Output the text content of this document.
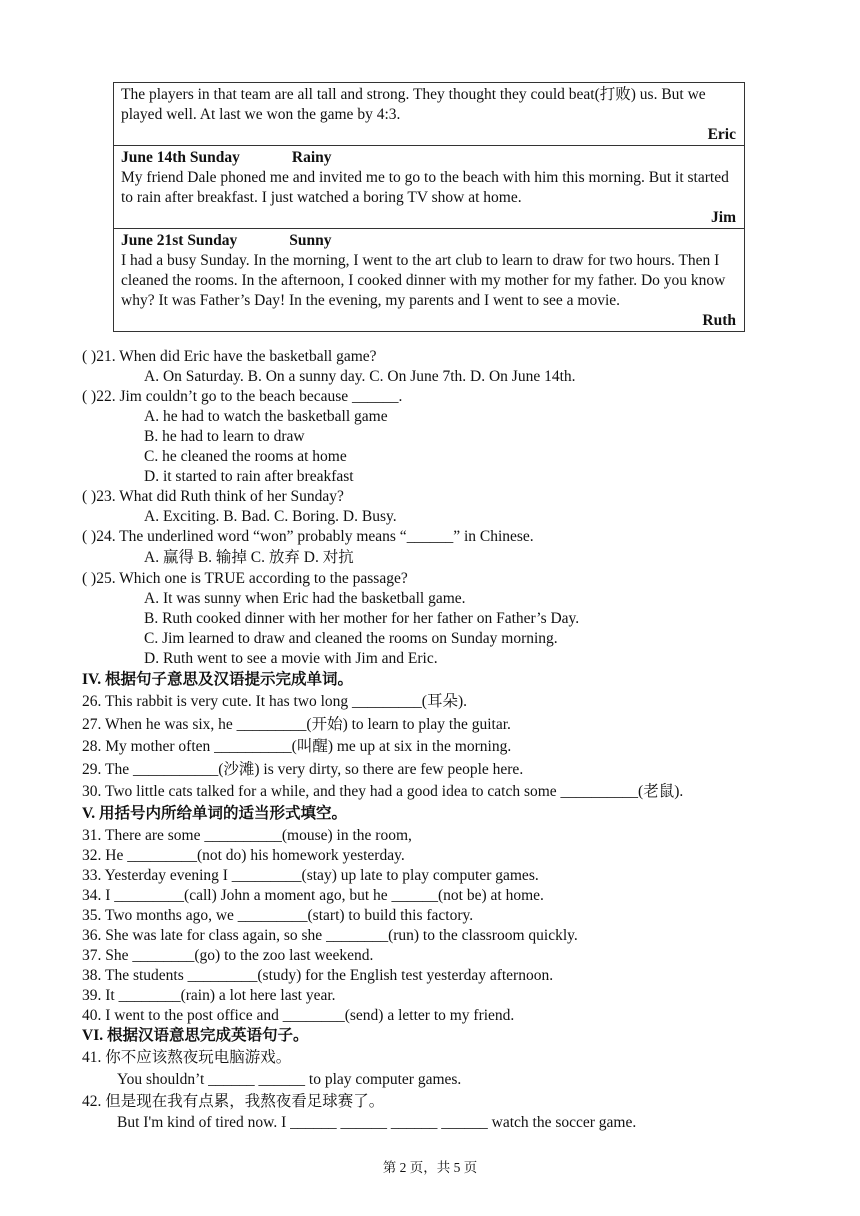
The players in that team are all tall and strong. They thought they could beat(打败) us. But we played well. At last we won the game by 4:3.
Eric
June 14th Sunday	Rainy
My friend Dale phoned me and invited me to go to the beach with him this morning. But it started to rain after breakfast. I just watched a boring TV show at home.
Jim
June 21st Sunday	Sunny
I had a busy Sunday. In the morning, I went to the art club to learn to draw for two hours. Then I cleaned the rooms. In the afternoon, I cooked dinner with my mother for my father. Do you know why? It was Father’s Day! In the evening, my parents and I went to see a movie.
Ruth
( )21. When did Eric have the basketball game?
A. On Saturday. B. On a sunny day. C. On June 7th. D. On June 14th.
( )22. Jim couldn’t go to the beach because ______.
A. he had to watch the basketball game
B. he had to learn to draw
C. he cleaned the rooms at home
D. it started to rain after breakfast
( )23. What did Ruth think of her Sunday?
A. Exciting. B. Bad. C. Boring. D. Busy.
( )24. The underlined word “won” probably means “______” in Chinese.
A. 赢得 B. 输掉 C. 放弃 D. 对抗
( )25. Which one is TRUE according to the passage?
A. It was sunny when Eric had the basketball game.
B. Ruth cooked dinner with her mother for her father on Father’s Day.
C. Jim learned to draw and cleaned the rooms on Sunday morning.
D. Ruth went to see a movie with Jim and Eric.
IV. 根据句子意思及汉语提示完成单词。
26. This rabbit is very cute. It has two long _________(耳朵).
27. When he was six, he _________(开始) to learn to play the guitar.
28. My mother often __________(叫醒) me up at six in the morning.
29. The ___________(沙滩) is very dirty, so there are few people here.
30. Two little cats talked for a while, and they had a good idea to catch some __________(老鼠).
V. 用括号内所给单词的适当形式填空。
31. There are some __________(mouse) in the room,
32. He _________(not do) his homework yesterday.
33. Yesterday evening I _________(stay) up late to play computer games.
34. I _________(call) John a moment ago, but he ______(not be) at home.
35. Two months ago, we _________(start) to build this factory.
36. She was late for class again, so she ________(run) to the classroom quickly.
37. She ________(go) to the zoo last weekend.
38. The students _________(study) for the English test yesterday afternoon.
39. It ________(rain) a lot here last year.
40. I went to the post office and ________(send) a letter to my friend.
VI. 根据汉语意思完成英语句子。
41. 你不应该熬夜玩电脑游戏。
You shouldn’t ______ ______ to play computer games.
42. 但是现在我有点累，我熬夜看足球赛了。
But I'm kind of tired now. I ______ ______ ______ ______ watch the soccer game.
第 2 页，共 5 页
